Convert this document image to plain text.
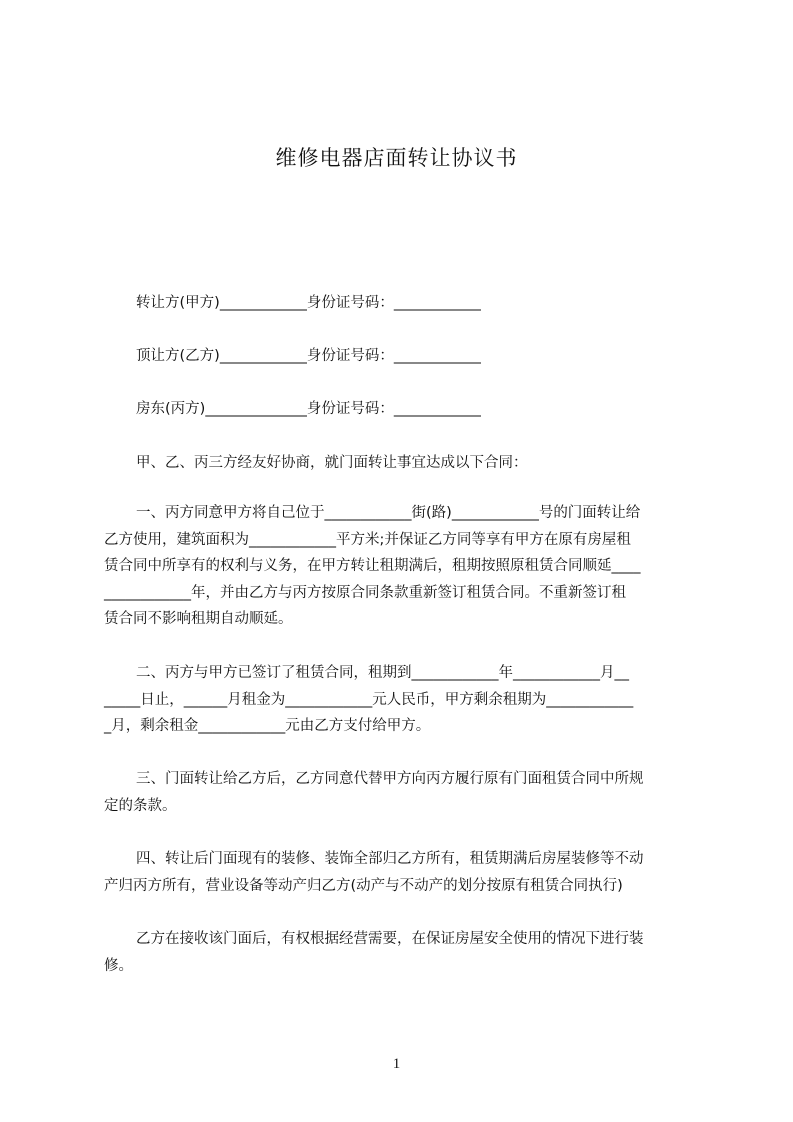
维修电器店面转让协议书
转让方(甲方)____________身份证号码：____________
顶让方(乙方)____________身份证号码：____________
房东(丙方)______________身份证号码：____________
甲、乙、丙三方经友好协商，就门面转让事宜达成以下合同：

一、丙方同意甲方将自己位于____________街(路)____________号的门面转让给

乙方使用，建筑面积为____________平方米;并保证乙方同等享有甲方在原有房屋租

赁合同中所享有的权利与义务，在甲方转让租期满后，租期按照原租赁合同顺延____

____________年，并由乙方与丙方按原合同条款重新签订租赁合同。不重新签订租

赁合同不影响租期自动顺延。

二、丙方与甲方已签订了租赁合同，租期到____________年____________月__

_____日止，______月租金为____________元人民币，甲方剩余租期为____________

_月，剩余租金____________元由乙方支付给甲方。

三、门面转让给乙方后，乙方同意代替甲方向丙方履行原有门面租赁合同中所规

定的条款。

四、转让后门面现有的装修、装饰全部归乙方所有，租赁期满后房屋装修等不动

产归丙方所有，营业设备等动产归乙方(动产与不动产的划分按原有租赁合同执行)

乙方在接收该门面后，有权根据经营需要，在保证房屋安全使用的情况下进行装

修。

1
